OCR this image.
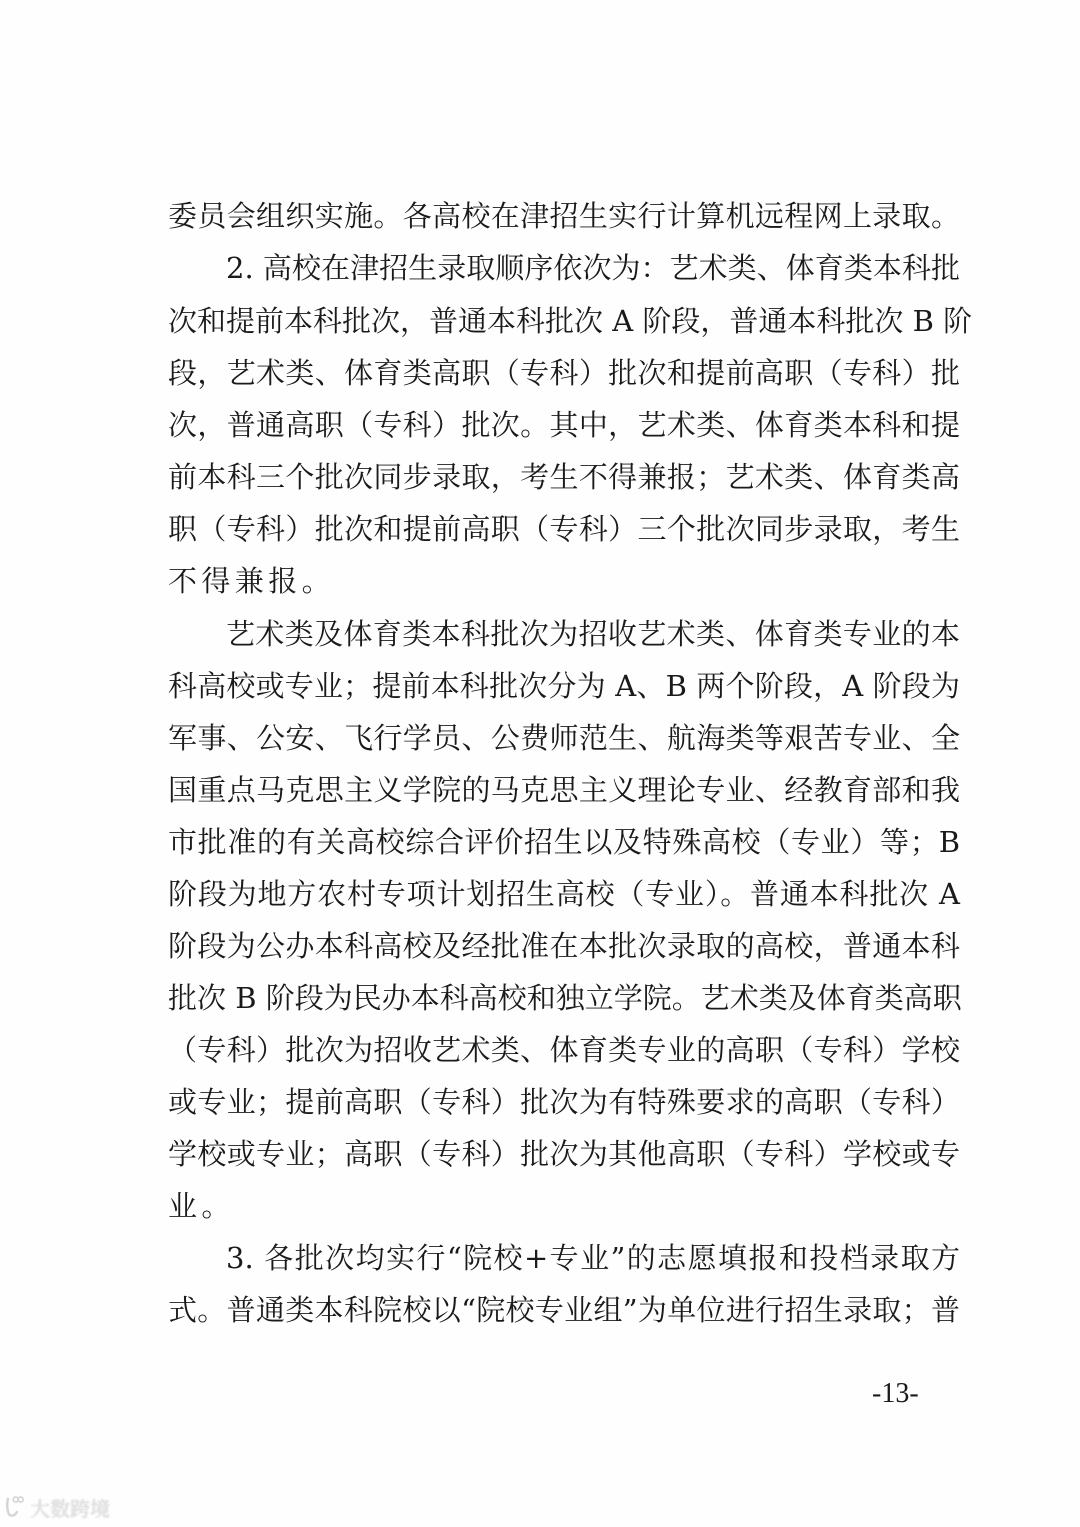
委员会组织实施。各高校在津招生实行计算机远程网上录取。
2. 高校在津招生录取顺序依次为：艺术类、体育类本科批
次和提前本科批次，普通本科批次 A 阶段，普通本科批次 B 阶
段，艺术类、体育类高职（专科）批次和提前高职（专科）批
次，普通高职（专科）批次。其中，艺术类、体育类本科和提
前本科三个批次同步录取，考生不得兼报；艺术类、体育类高
职（专科）批次和提前高职（专科）三个批次同步录取，考生
不得兼报。
艺术类及体育类本科批次为招收艺术类、体育类专业的本
科高校或专业；提前本科批次分为 A、B 两个阶段，A 阶段为
军事、公安、飞行学员、公费师范生、航海类等艰苦专业、全
国重点马克思主义学院的马克思主义理论专业、经教育部和我
市批准的有关高校综合评价招生以及特殊高校（专业）等；B
阶段为地方农村专项计划招生高校（专业）。普通本科批次 A
阶段为公办本科高校及经批准在本批次录取的高校，普通本科
批次 B 阶段为民办本科高校和独立学院。艺术类及体育类高职
（专科）批次为招收艺术类、体育类专业的高职（专科）学校
或专业；提前高职（专科）批次为有特殊要求的高职（专科）
学校或专业；高职（专科）批次为其他高职（专科）学校或专
业。
3. 各批次均实行“院校+专业”的志愿填报和投档录取方
式。普通类本科院校以“院校专业组”为单位进行招生录取；普
-13-
大数跨境
